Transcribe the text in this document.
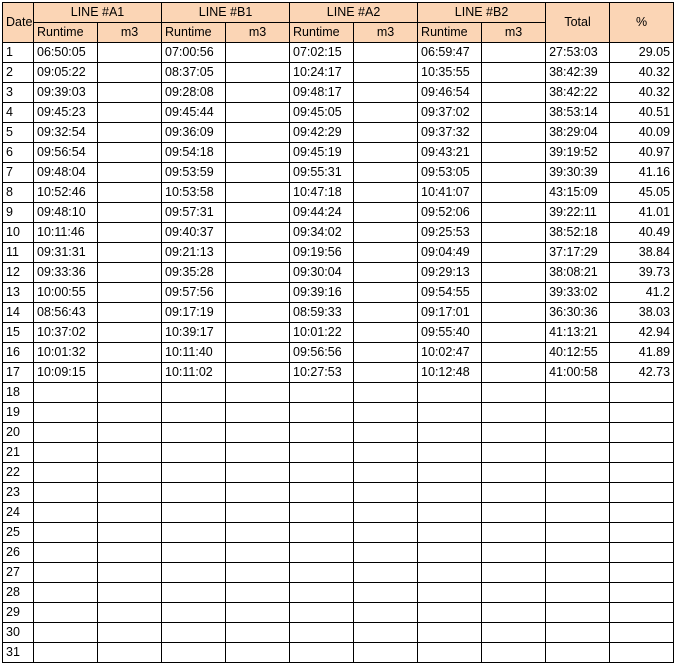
Date	LINE #A1		LINE #B1		LINE #A2		LINE #B2		Total	%
	Runtime	m3	Runtime	m3	Runtime	m3	Runtime	m3		
1	06:50:05		07:00:56		07:02:15		06:59:47		27:53:03	29.05
2	09:05:22		08:37:05		10:24:17		10:35:55		38:42:39	40.32
3	09:39:03		09:28:08		09:48:17		09:46:54		38:42:22	40.32
4	09:45:23		09:45:44		09:45:05		09:37:02		38:53:14	40.51
5	09:32:54		09:36:09		09:42:29		09:37:32		38:29:04	40.09
6	09:56:54		09:54:18		09:45:19		09:43:21		39:19:52	40.97
7	09:48:04		09:53:59		09:55:31		09:53:05		39:30:39	41.16
8	10:52:46		10:53:58		10:47:18		10:41:07		43:15:09	45.05
9	09:48:10		09:57:31		09:44:24		09:52:06		39:22:11	41.01
10	10:11:46		09:40:37		09:34:02		09:25:53		38:52:18	40.49
11	09:31:31		09:21:13		09:19:56		09:04:49		37:17:29	38.84
12	09:33:36		09:35:28		09:30:04		09:29:13		38:08:21	39.73
13	10:00:55		09:57:56		09:39:16		09:54:55		39:33:02	41.2
14	08:56:43		09:17:19		08:59:33		09:17:01		36:30:36	38.03
15	10:37:02		10:39:17		10:01:22		09:55:40		41:13:21	42.94
16	10:01:32		10:11:40		09:56:56		10:02:47		40:12:55	41.89
17	10:09:15		10:11:02		10:27:53		10:12:48		41:00:58	42.73
18										
19										
20										
21										
22										
23										
24										
25										
26										
27										
28										
29										
30										
31										
